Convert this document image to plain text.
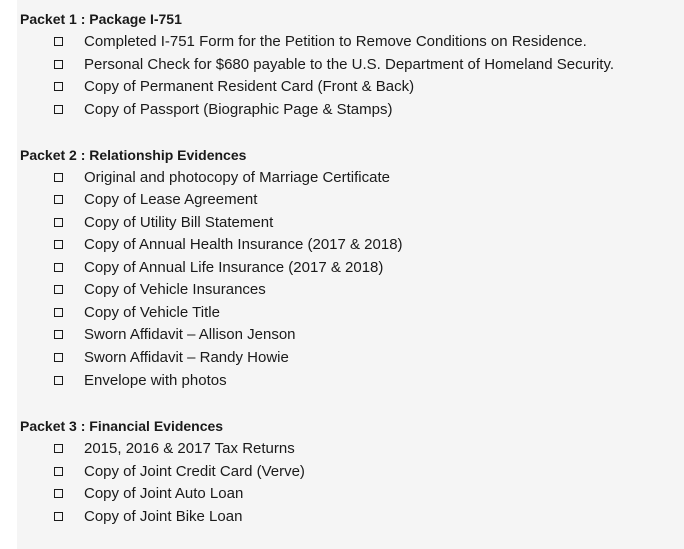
Packet 1 : Package I-751
Completed I-751 Form for the Petition to Remove Conditions on Residence.
Personal Check for $680 payable to the U.S. Department of Homeland Security.
Copy of Permanent Resident Card (Front & Back)
Copy of Passport (Biographic Page & Stamps)
Packet 2 : Relationship Evidences
Original and photocopy of Marriage Certificate
Copy of Lease Agreement
Copy of Utility Bill Statement
Copy of Annual Health Insurance (2017 & 2018)
Copy of Annual Life Insurance (2017 & 2018)
Copy of Vehicle Insurances
Copy of Vehicle Title
Sworn Affidavit – Allison Jenson
Sworn Affidavit – Randy Howie
Envelope with photos
Packet 3 : Financial Evidences
2015, 2016 & 2017 Tax Returns
Copy of Joint Credit Card (Verve)
Copy of Joint Auto Loan
Copy of Joint Bike Loan
